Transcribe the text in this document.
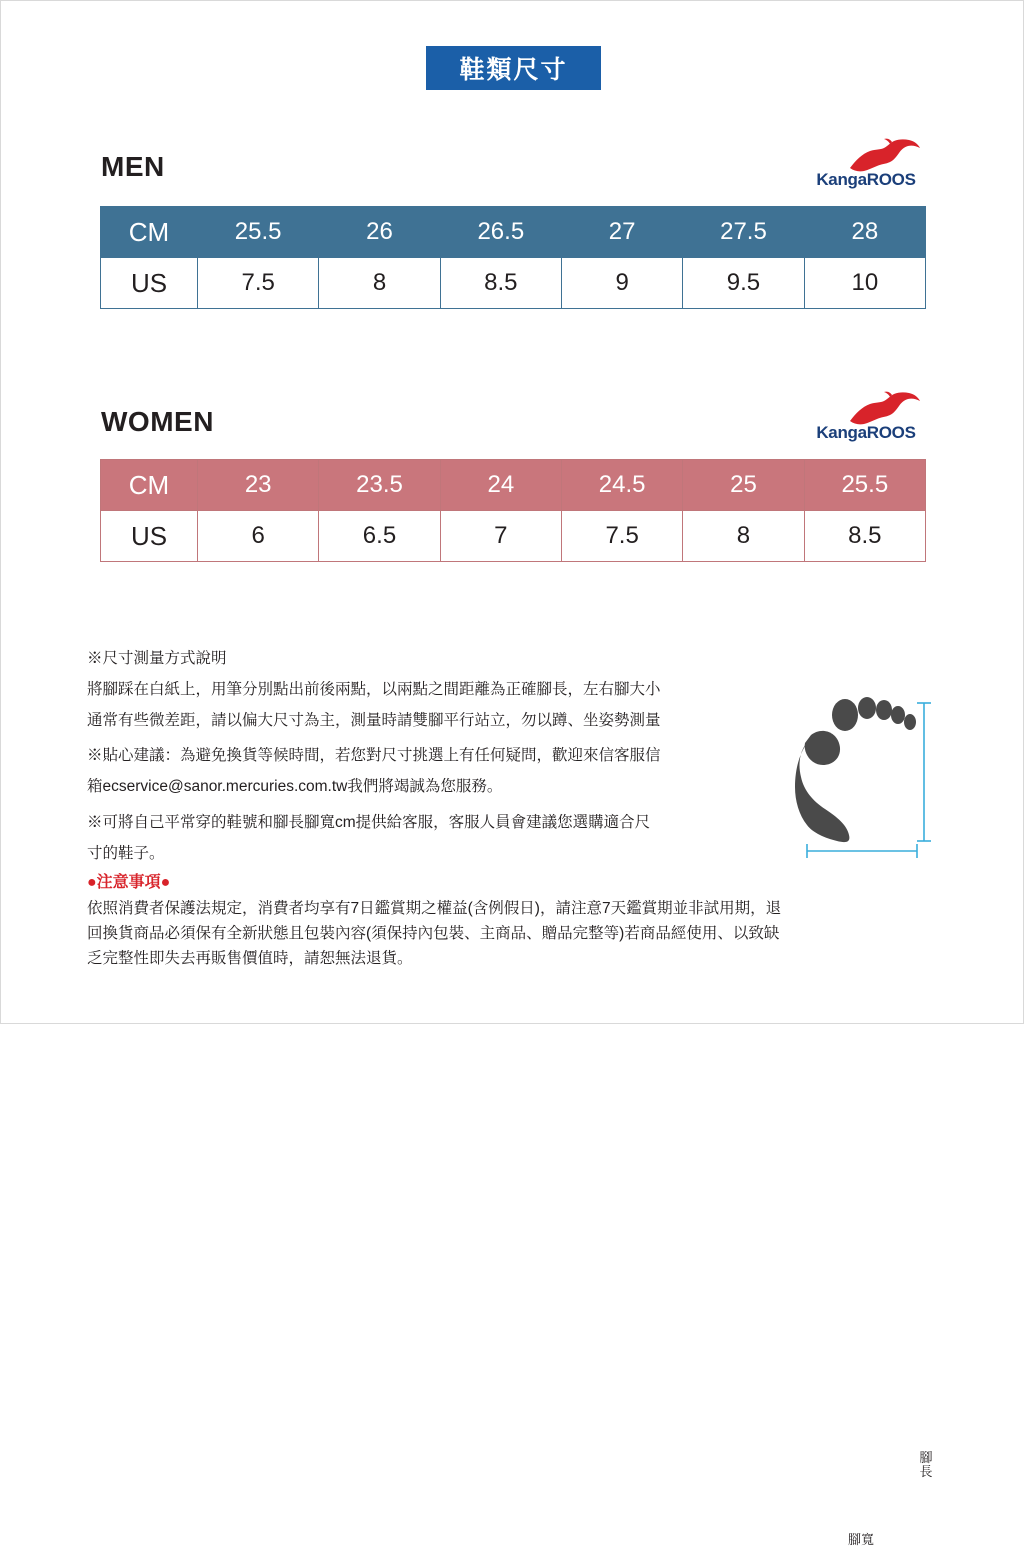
鞋類尺寸
MEN	KangaROOS
CM	25.5	26	26.5	27	27.5	28
US	7.5	8	8.5	9	9.5	10
WOMEN	KangaROOS
CM	23	23.5	24	24.5	25	25.5
US	6	6.5	7	7.5	8	8.5

※尺寸測量方式說明

將腳踩在白紙上，用筆分別點出前後兩點，以兩點之間距離為正確腳長，左右腳大小

通常有些微差距，請以偏大尺寸為主，測量時請雙腳平行站立，勿以蹲、坐姿勢測量

※貼心建議：為避免換貨等候時間，若您對尺寸挑選上有任何疑問，歡迎來信客服信

箱ecservice@sanor.mercuries.com.tw我們將竭誠為您服務。

※可將自己平常穿的鞋號和腳長腳寬cm提供給客服，客服人員會建議您選購適合尺

寸的鞋子。

腳長
腳寬
●注意事項●
依照消費者保護法規定，消費者均享有7日鑑賞期之權益(含例假日)，請注意7天鑑賞期並非試用期，退
回換貨商品必須保有全新狀態且包裝內容(須保持內包裝、主商品、贈品完整等)若商品經使用、以致缺
乏完整性即失去再販售價值時，請恕無法退貨。
